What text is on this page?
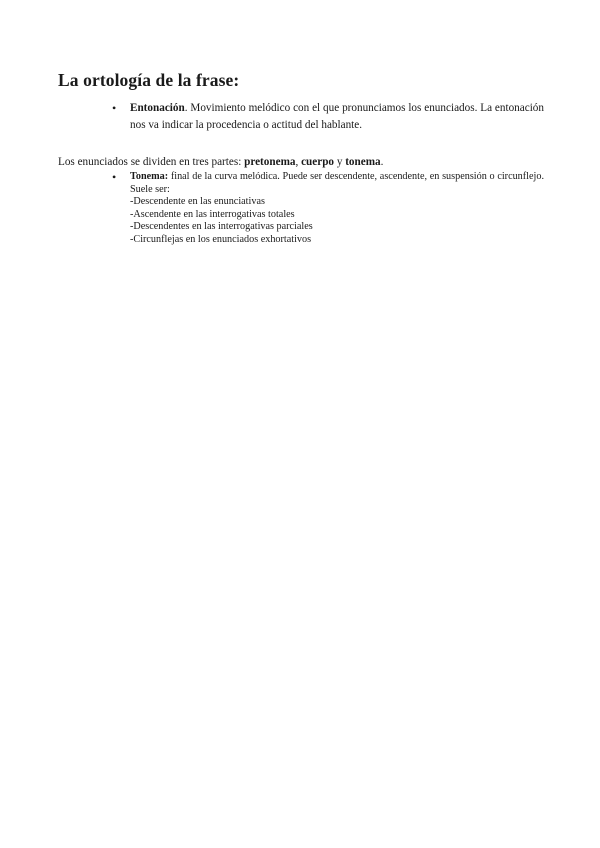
La ortología de la frase:
• Entonación. Movimiento melódico con el que pronunciamos los enunciados. La entonación nos va indicar la procedencia o actitud del hablante.
Los enunciados se dividen en tres partes: pretonema, cuerpo y tonema.
• Tonema: final de la curva melódica. Puede ser descendente, ascendente, en suspensión o circunflejo. Suele ser:
-Descendente en las enunciativas
-Ascendente en las interrogativas totales
-Descendentes en las interrogativas parciales
-Circunflejas en los enunciados exhortativos
